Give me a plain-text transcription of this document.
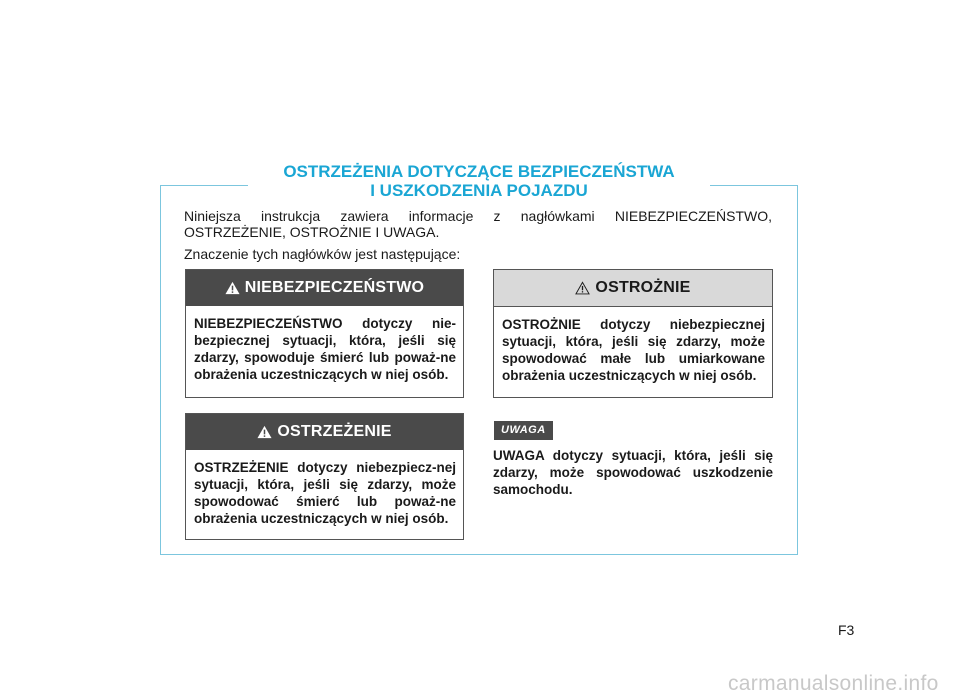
OSTRZEŻENIA DOTYCZĄCE BEZPIECZEŃSTWA
I USZKODZENIA POJAZDU

Niniejsza instrukcja zawiera informacje z nagłówkami NIEBEZPIECZEŃSTWO, OSTRZEŻENIE, OSTROŻNIE I UWAGA.

Znaczenie tych nagłówków jest następujące:

NIEBEZPIECZEŃSTWO
NIEBEZPIECZEŃSTWO dotyczy nie-bezpiecznej sytuacji, która, jeśli się zdarzy, spowoduje śmierć lub poważ-ne obrażenia uczestniczących w niej osób.
OSTROŻNIE
OSTROŻNIE dotyczy niebezpiecznej sytuacji, która, jeśli się zdarzy, może spowodować małe lub umiarkowane obrażenia uczestniczących w niej osób.
OSTRZEŻENIE
OSTRZEŻENIE dotyczy niebezpiecz-nej sytuacji, która, jeśli się zdarzy, może spowodować śmierć lub poważ-ne obrażenia uczestniczących w niej osób.
UWAGA
UWAGA dotyczy sytuacji, która, jeśli się zdarzy, może spowodować uszkodzenie samochodu.
F3
carmanualsonline.info
